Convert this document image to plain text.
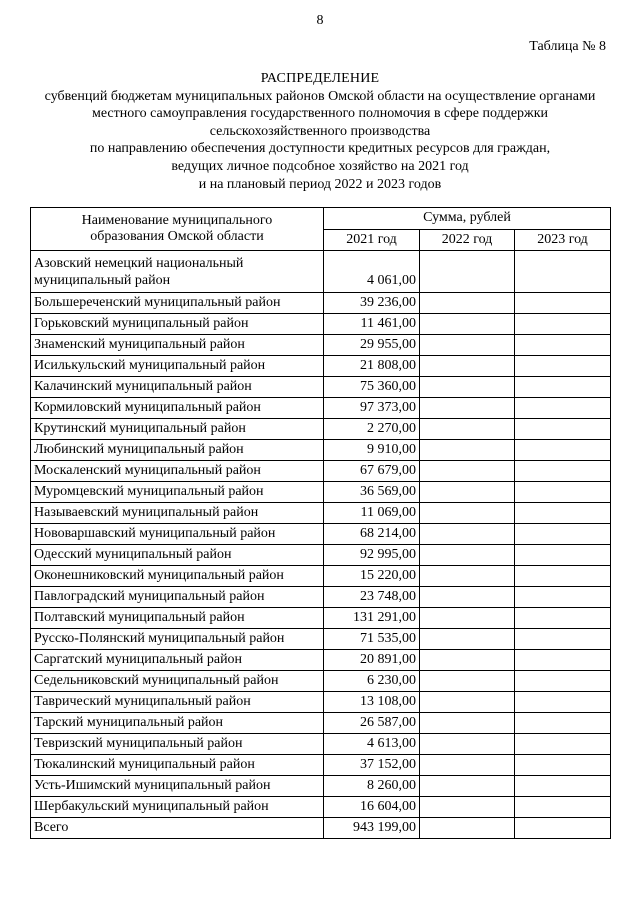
8
Таблица № 8
РАСПРЕДЕЛЕНИЕ
субвенций бюджетам муниципальных районов Омской области на осуществление органами
местного самоуправления государственного полномочия в сфере поддержки
сельскохозяйственного производства
по направлению обеспечения доступности кредитных ресурсов для граждан,
ведущих личное подсобное хозяйство на 2021 год
и на плановый период 2022 и 2023 годов
Наименование муниципального
образования Омской области	Сумма, рублей		
	2021 год	2022 год	2023 год
Азовский немецкий национальный муниципальный район	4 061,00		
Большереченский муниципальный район	39 236,00		
Горьковский муниципальный район	11 461,00		
Знаменский муниципальный район	29 955,00		
Исилькульский муниципальный район	21 808,00		
Калачинский муниципальный район	75 360,00		
Кормиловский муниципальный район	97 373,00		
Крутинский муниципальный район	2 270,00		
Любинский муниципальный район	9 910,00		
Москаленский муниципальный район	67 679,00		
Муромцевский муниципальный район	36 569,00		
Называевский муниципальный район	11 069,00		
Нововаршавский муниципальный район	68 214,00		
Одесский муниципальный район	92 995,00		
Оконешниковский муниципальный район	15 220,00		
Павлоградский муниципальный район	23 748,00		
Полтавский муниципальный район	131 291,00		
Русско-Полянский муниципальный район	71 535,00		
Саргатский муниципальный район	20 891,00		
Седельниковский муниципальный район	6 230,00		
Таврический муниципальный район	13 108,00		
Тарский муниципальный район	26 587,00		
Тевризский муниципальный район	4 613,00		
Тюкалинский муниципальный район	37 152,00		
Усть-Ишимский муниципальный район	8 260,00		
Шербакульский муниципальный район	16 604,00		
Всего	943 199,00		
